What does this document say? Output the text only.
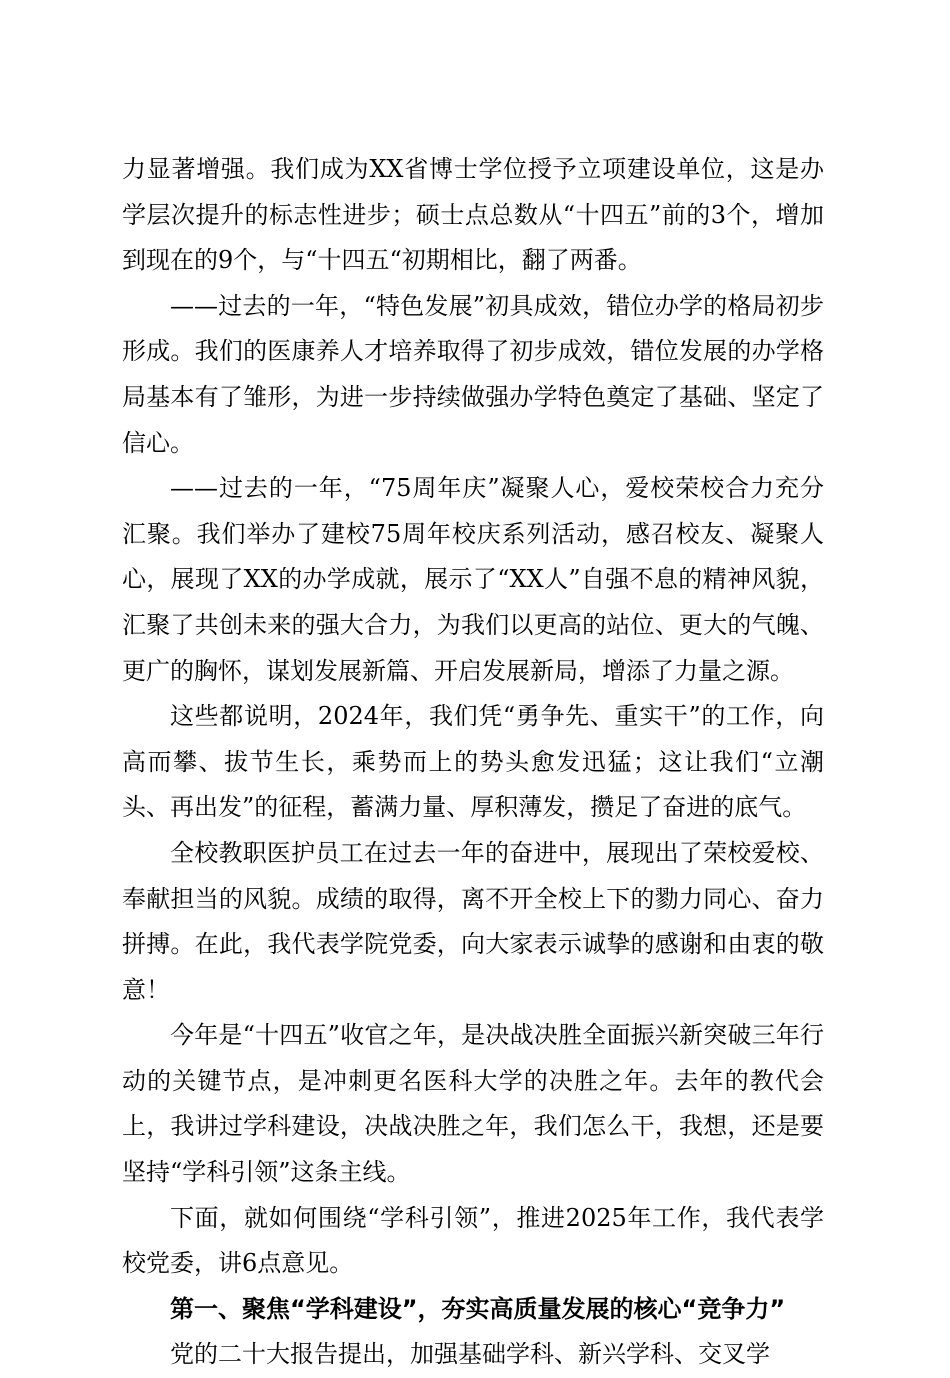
力显著增强。我们成为XX省博士学位授予立项建设单位，这是办学层次提升的标志性进步；硕士点总数从“十四五”前的3个，增加到现在的9个，与“十四五“初期相比，翻了两番。

——过去的一年，“特色发展”初具成效，错位办学的格局初步形成。我们的医康养人才培养取得了初步成效，错位发展的办学格局基本有了雏形，为进一步持续做强办学特色奠定了基础、坚定了信心。

——过去的一年，“75周年庆”凝聚人心，爱校荣校合力充分汇聚。我们举办了建校75周年校庆系列活动，感召校友、凝聚人心，展现了XX的办学成就，展示了“XX人”自强不息的精神风貌，汇聚了共创未来的强大合力，为我们以更高的站位、更大的气魄、更广的胸怀，谋划发展新篇、开启发展新局，增添了力量之源。

这些都说明，2024年，我们凭“勇争先、重实干”的工作，向高而攀、拔节生长，乘势而上的势头愈发迅猛；这让我们“立潮头、再出发”的征程，蓄满力量、厚积薄发，攒足了奋进的底气。

全校教职医护员工在过去一年的奋进中，展现出了荣校爱校、奉献担当的风貌。成绩的取得，离不开全校上下的勠力同心、奋力拼搏。在此，我代表学院党委，向大家表示诚挚的感谢和由衷的敬意！

今年是“十四五”收官之年，是决战决胜全面振兴新突破三年行动的关键节点，是冲刺更名医科大学的决胜之年。去年的教代会上，我讲过学科建设，决战决胜之年，我们怎么干，我想，还是要坚持“学科引领”这条主线。

下面，就如何围绕“学科引领”，推进2025年工作，我代表学校党委，讲6点意见。

第一、聚焦“学科建设”，夯实高质量发展的核心“竞争力”

党的二十大报告提出，加强基础学科、新兴学科、交叉学
